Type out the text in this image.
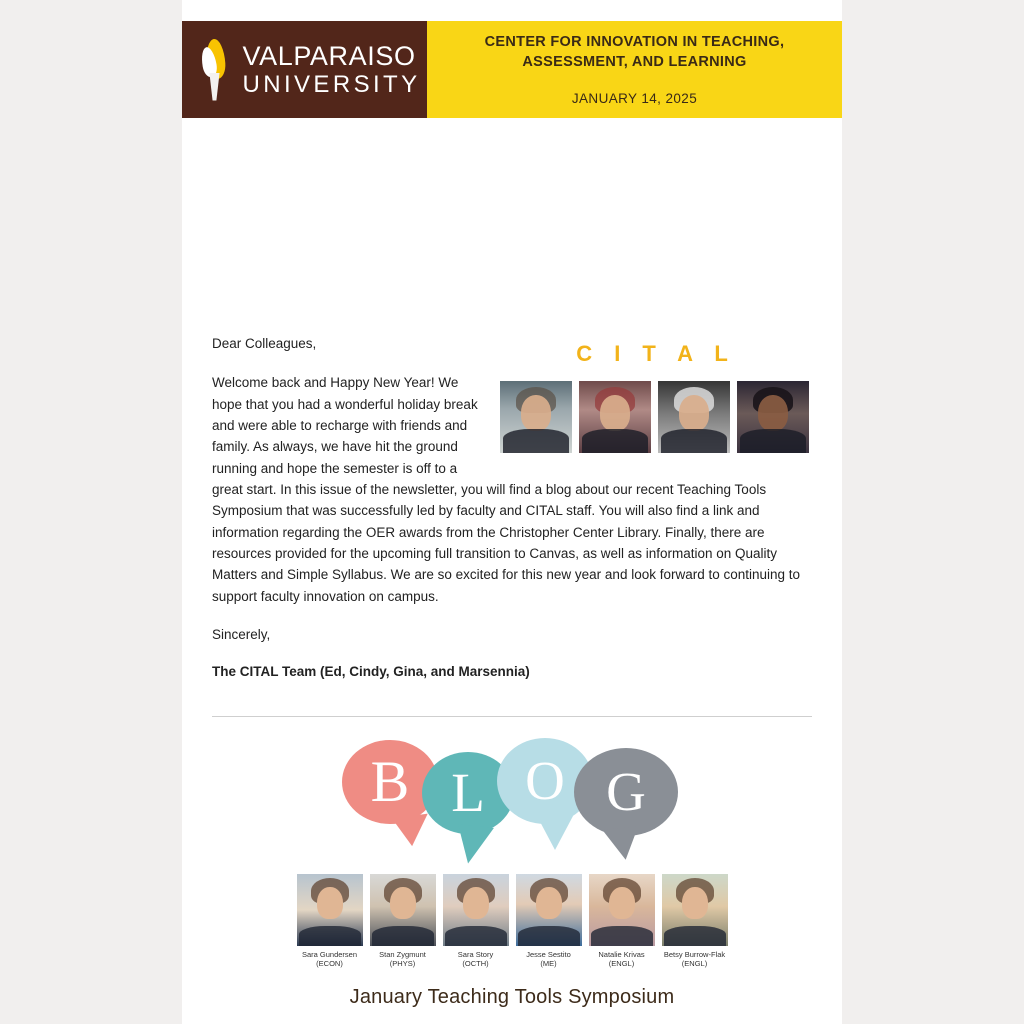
VALPARAISO
UNIVERSITY
CENTER FOR INNOVATION IN TEACHING, ASSESSMENT, AND LEARNING
JANUARY 14, 2025
C I T A L

Dear Colleagues,

Welcome back and Happy New Year! We hope that you had a wonderful holiday break and were able to recharge with friends and family. As always, we have hit the ground running and hope the semester is off to a great start. In this issue of the newsletter, you will find a blog about our recent Teaching Tools Symposium that was successfully led by faculty and CITAL staff. You will also find a link and information regarding the OER awards from the Christopher Center Library. Finally, there are resources provided for the upcoming full transition to Canvas, as well as information on Quality Matters and Simple Syllabus. We are so excited for this new year and look forward to continuing to support faculty innovation on campus.

Sincerely,

The CITAL Team (Ed, Cindy, Gina, and Marsennia)

B L O G
Sara Gundersen
(ECON)
Stan Zygmunt
(PHYS)
Sara Story
(OCTH)
Jesse Sestito
(ME)
Natalie Krivas
(ENGL)
Betsy Burrow-Flak
(ENGL)
January Teaching Tools Symposium
